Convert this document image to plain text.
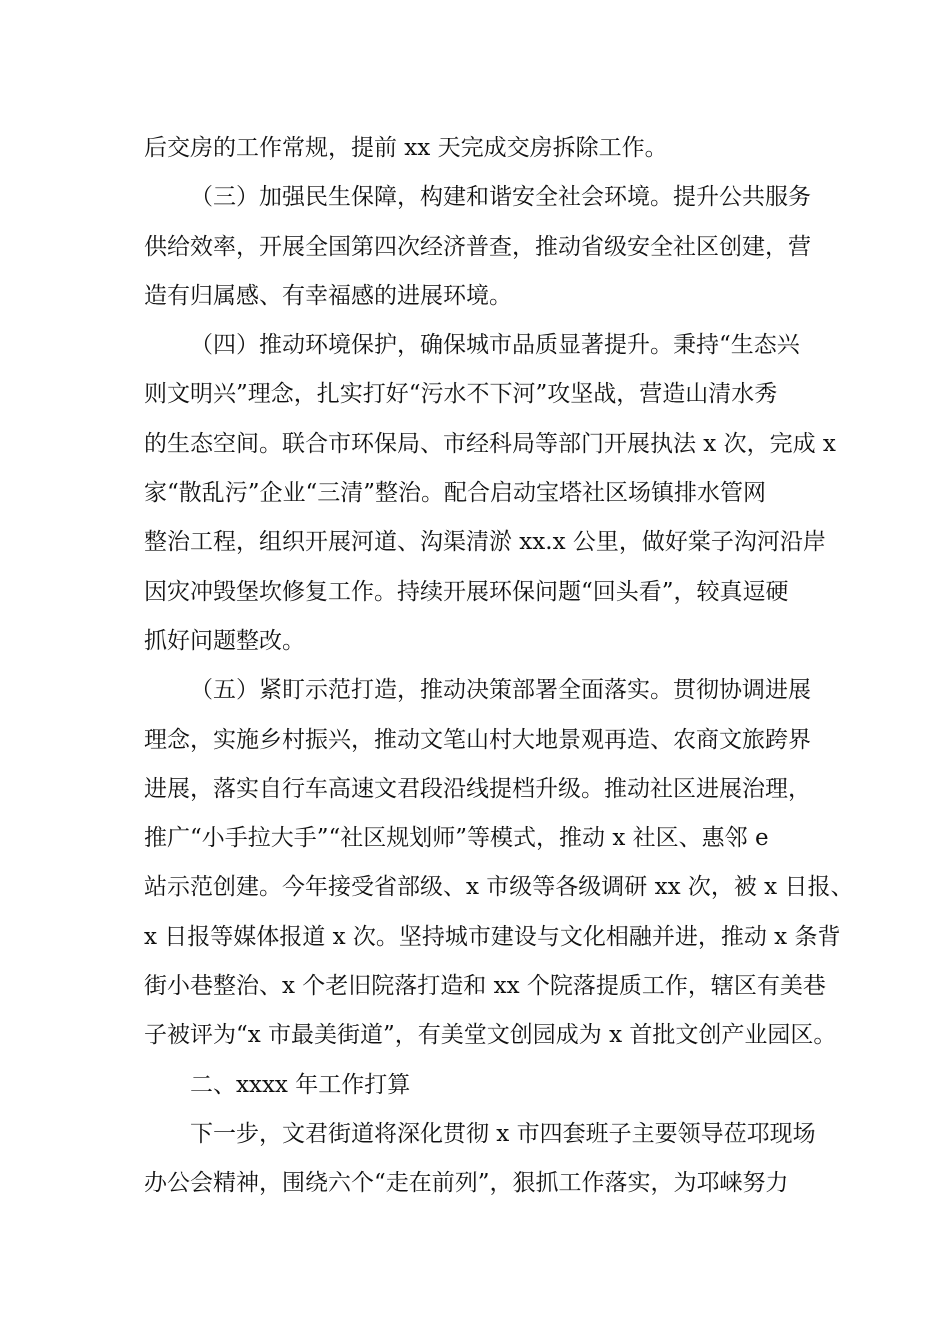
后交房的工作常规，提前 xx 天完成交房拆除工作。
（三）加强民生保障，构建和谐安全社会环境。提升公共服务
供给效率，开展全国第四次经济普查，推动省级安全社区创建，营
造有归属感、有幸福感的进展环境。
（四）推动环境保护，确保城市品质显著提升。秉持“生态兴
则文明兴”理念，扎实打好“污水不下河”攻坚战，营造山清水秀
的生态空间。联合市环保局、市经科局等部门开展执法 x 次，完成 x
家“散乱污”企业“三清”整治。配合启动宝塔社区场镇排水管网
整治工程，组织开展河道、沟渠清淤 xx.x 公里，做好棠子沟河沿岸
因灾冲毁堡坎修复工作。持续开展环保问题“回头看”，较真逗硬
抓好问题整改。
（五）紧盯示范打造，推动决策部署全面落实。贯彻协调进展
理念，实施乡村振兴，推动文笔山村大地景观再造、农商文旅跨界
进展，落实自行车高速文君段沿线提档升级。推动社区进展治理，
推广“小手拉大手”“社区规划师”等模式，推动 x 社区、惠邻 e
站示范创建。今年接受省部级、x 市级等各级调研 xx 次，被 x 日报、
x 日报等媒体报道 x 次。坚持城市建设与文化相融并进，推动 x 条背
街小巷整治、x 个老旧院落打造和 xx 个院落提质工作，辖区有美巷
子被评为“x 市最美街道”，有美堂文创园成为 x 首批文创产业园区。
二、xxxx 年工作打算
下一步，文君街道将深化贯彻 x 市四套班子主要领导莅邛现场
办公会精神，围绕六个“走在前列”，狠抓工作落实，为邛崃努力
